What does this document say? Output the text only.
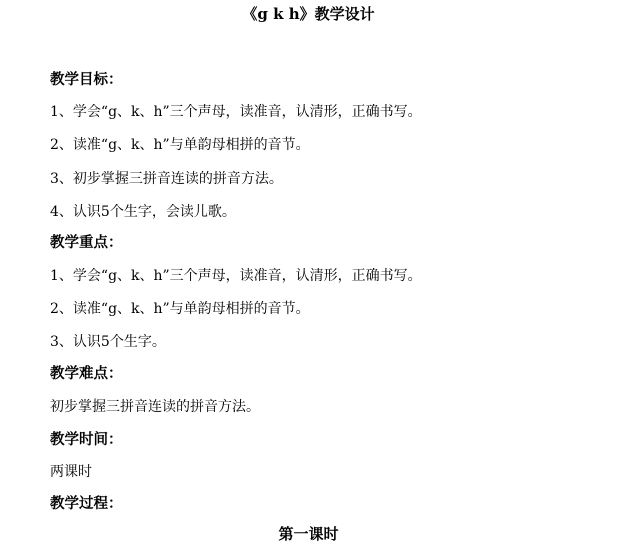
《g k h》教学设计
教学目标：
1、学会“g、k、h”三个声母，读准音，认清形，正确书写。
2、读准“g、k、h”与单韵母相拼的音节。
3、初步掌握三拼音连读的拼音方法。
4、认识5个生字，会读儿歌。
教学重点：
1、学会“g、k、h”三个声母，读准音，认清形，正确书写。
2、读准“g、k、h”与单韵母相拼的音节。
3、认识5个生字。
教学难点：
初步掌握三拼音连读的拼音方法。
教学时间：
两课时
教学过程：
第一课时
